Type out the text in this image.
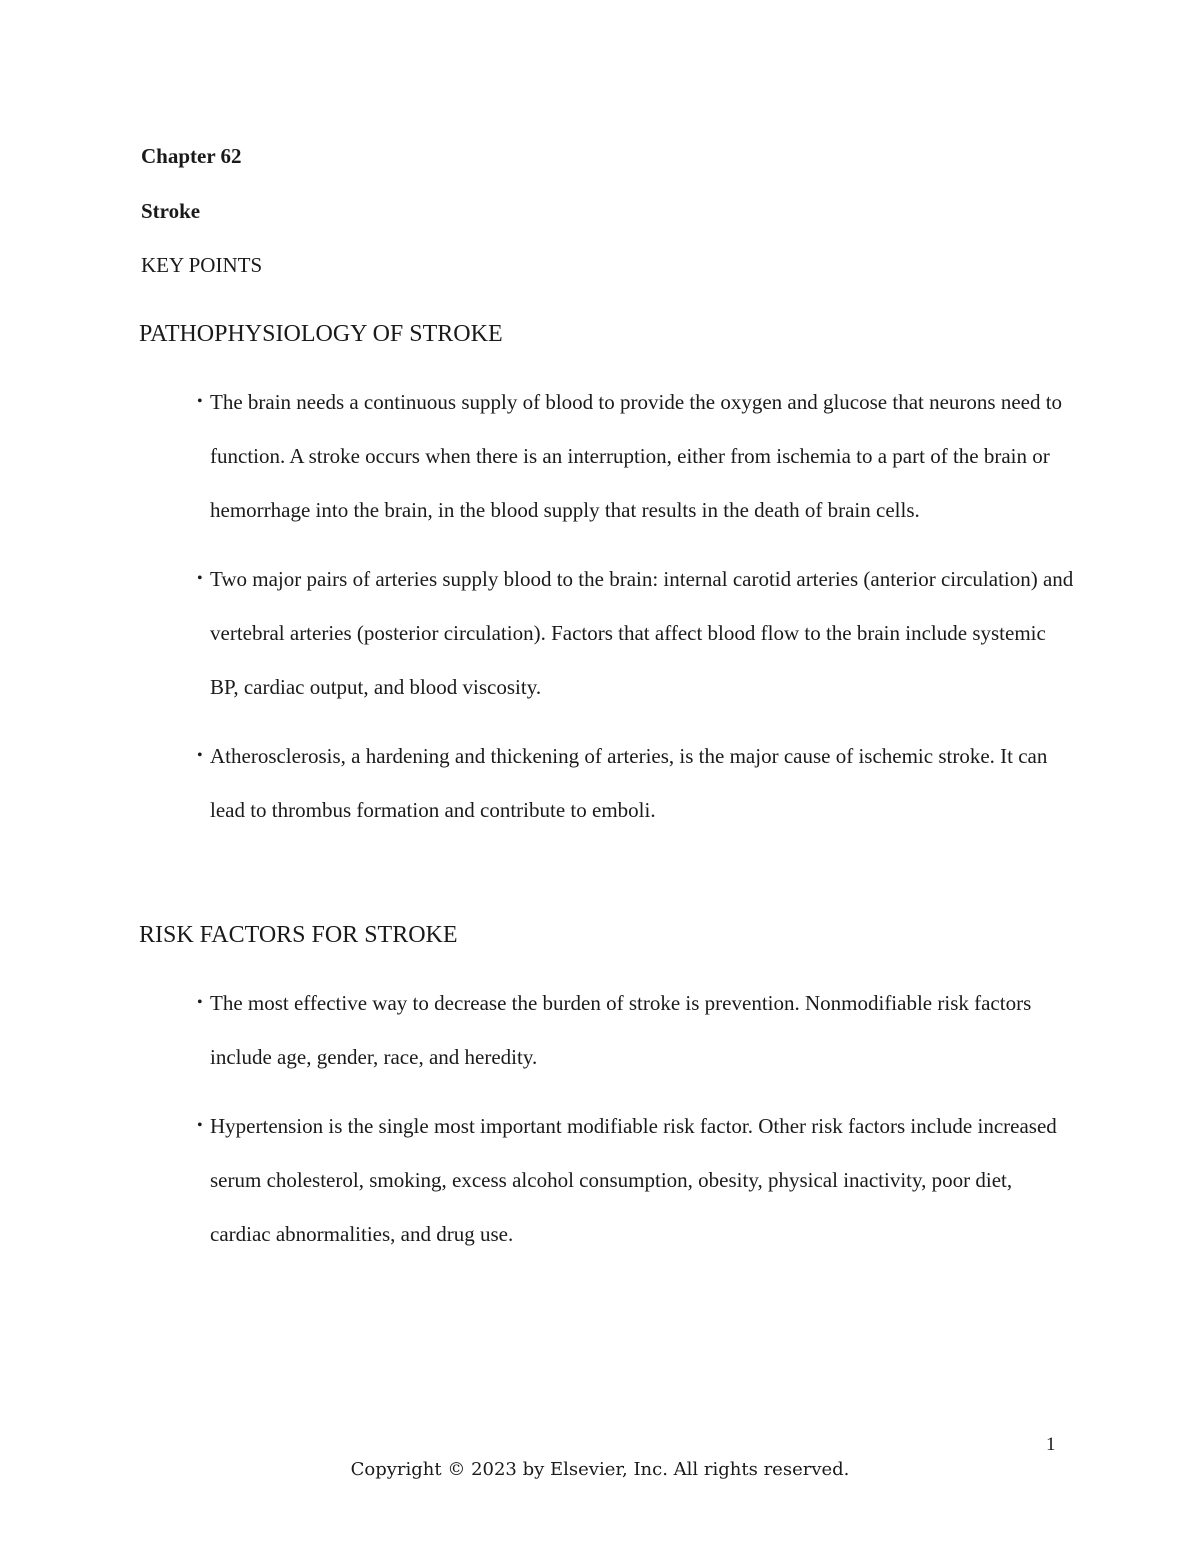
Chapter 62

Stroke

KEY POINTS

PATHOPHYSIOLOGY OF STROKE
• The brain needs a continuous supply of blood to provide the oxygen and glucose that neurons need to function. A stroke occurs when there is an interruption, either from ischemia to a part of the brain or hemorrhage into the brain, in the blood supply that results in the death of brain cells.
• Two major pairs of arteries supply blood to the brain: internal carotid arteries (anterior circulation) and vertebral arteries (posterior circulation). Factors that affect blood flow to the brain include systemic BP, cardiac output, and blood viscosity.
• Atherosclerosis, a hardening and thickening of arteries, is the major cause of ischemic stroke. It can lead to thrombus formation and contribute to emboli.
RISK FACTORS FOR STROKE
• The most effective way to decrease the burden of stroke is prevention. Nonmodifiable risk factors include age, gender, race, and heredity.
• Hypertension is the single most important modifiable risk factor. Other risk factors include increased serum cholesterol, smoking, excess alcohol consumption, obesity, physical inactivity, poor diet, cardiac abnormalities, and drug use.

1

Copyright © 2023 by Elsevier, Inc. All rights reserved.
